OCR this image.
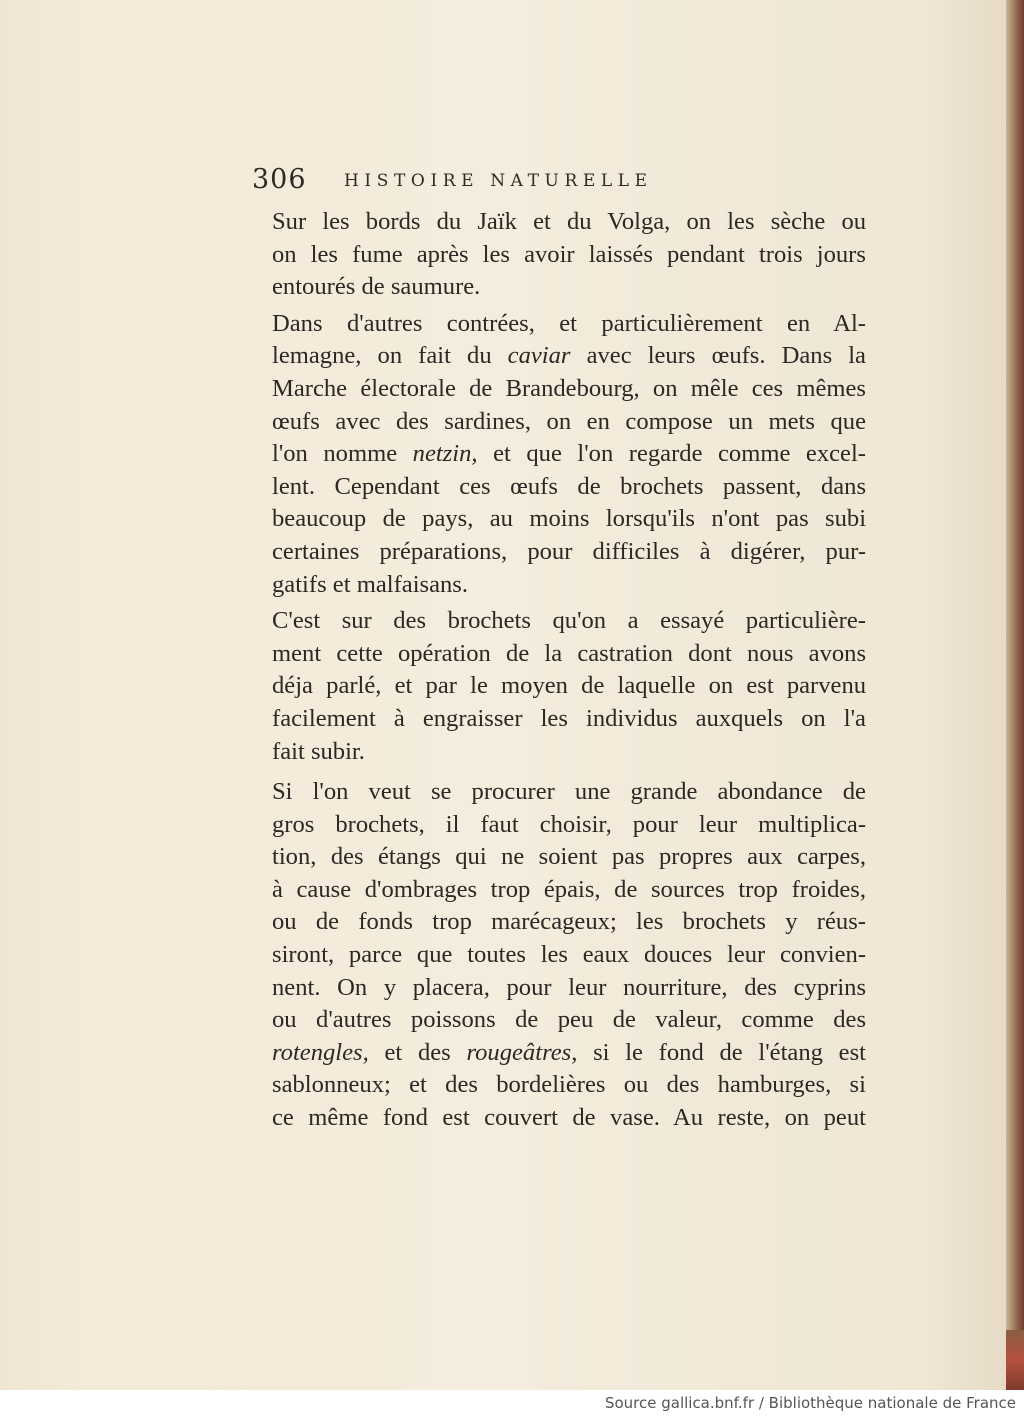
306 HISTOIRE NATURELLE

Sur les bords du Jaïk et du Volga, on les sèche ou
on les fume après les avoir laissés pendant trois jours
entourés de saumure.

Dans d'autres contrées, et particulièrement en Al-
lemagne, on fait du caviar avec leurs œufs. Dans la
Marche électorale de Brandebourg, on mêle ces mêmes
œufs avec des sardines, on en compose un mets que
l'on nomme netzin, et que l'on regarde comme excel-
lent. Cependant ces œufs de brochets passent, dans
beaucoup de pays, au moins lorsqu'ils n'ont pas subi
certaines préparations, pour difficiles à digérer, pur-
gatifs et malfaisans.

C'est sur des brochets qu'on a essayé particulière-
ment cette opération de la castration dont nous avons
déja parlé, et par le moyen de laquelle on est parvenu
facilement à engraisser les individus auxquels on l'a
fait subir.

Si l'on veut se procurer une grande abondance de
gros brochets, il faut choisir, pour leur multiplica-
tion, des étangs qui ne soient pas propres aux carpes,
à cause d'ombrages trop épais, de sources trop froides,
ou de fonds trop marécageux; les brochets y réus-
siront, parce que toutes les eaux douces leur convien-
nent. On y placera, pour leur nourriture, des cyprins
ou d'autres poissons de peu de valeur, comme des
rotengles, et des rougeâtres, si le fond de l'étang est
sablonneux; et des bordelières ou des hamburges, si
ce même fond est couvert de vase. Au reste, on peut

Source gallica.bnf.fr / Bibliothèque nationale de France
